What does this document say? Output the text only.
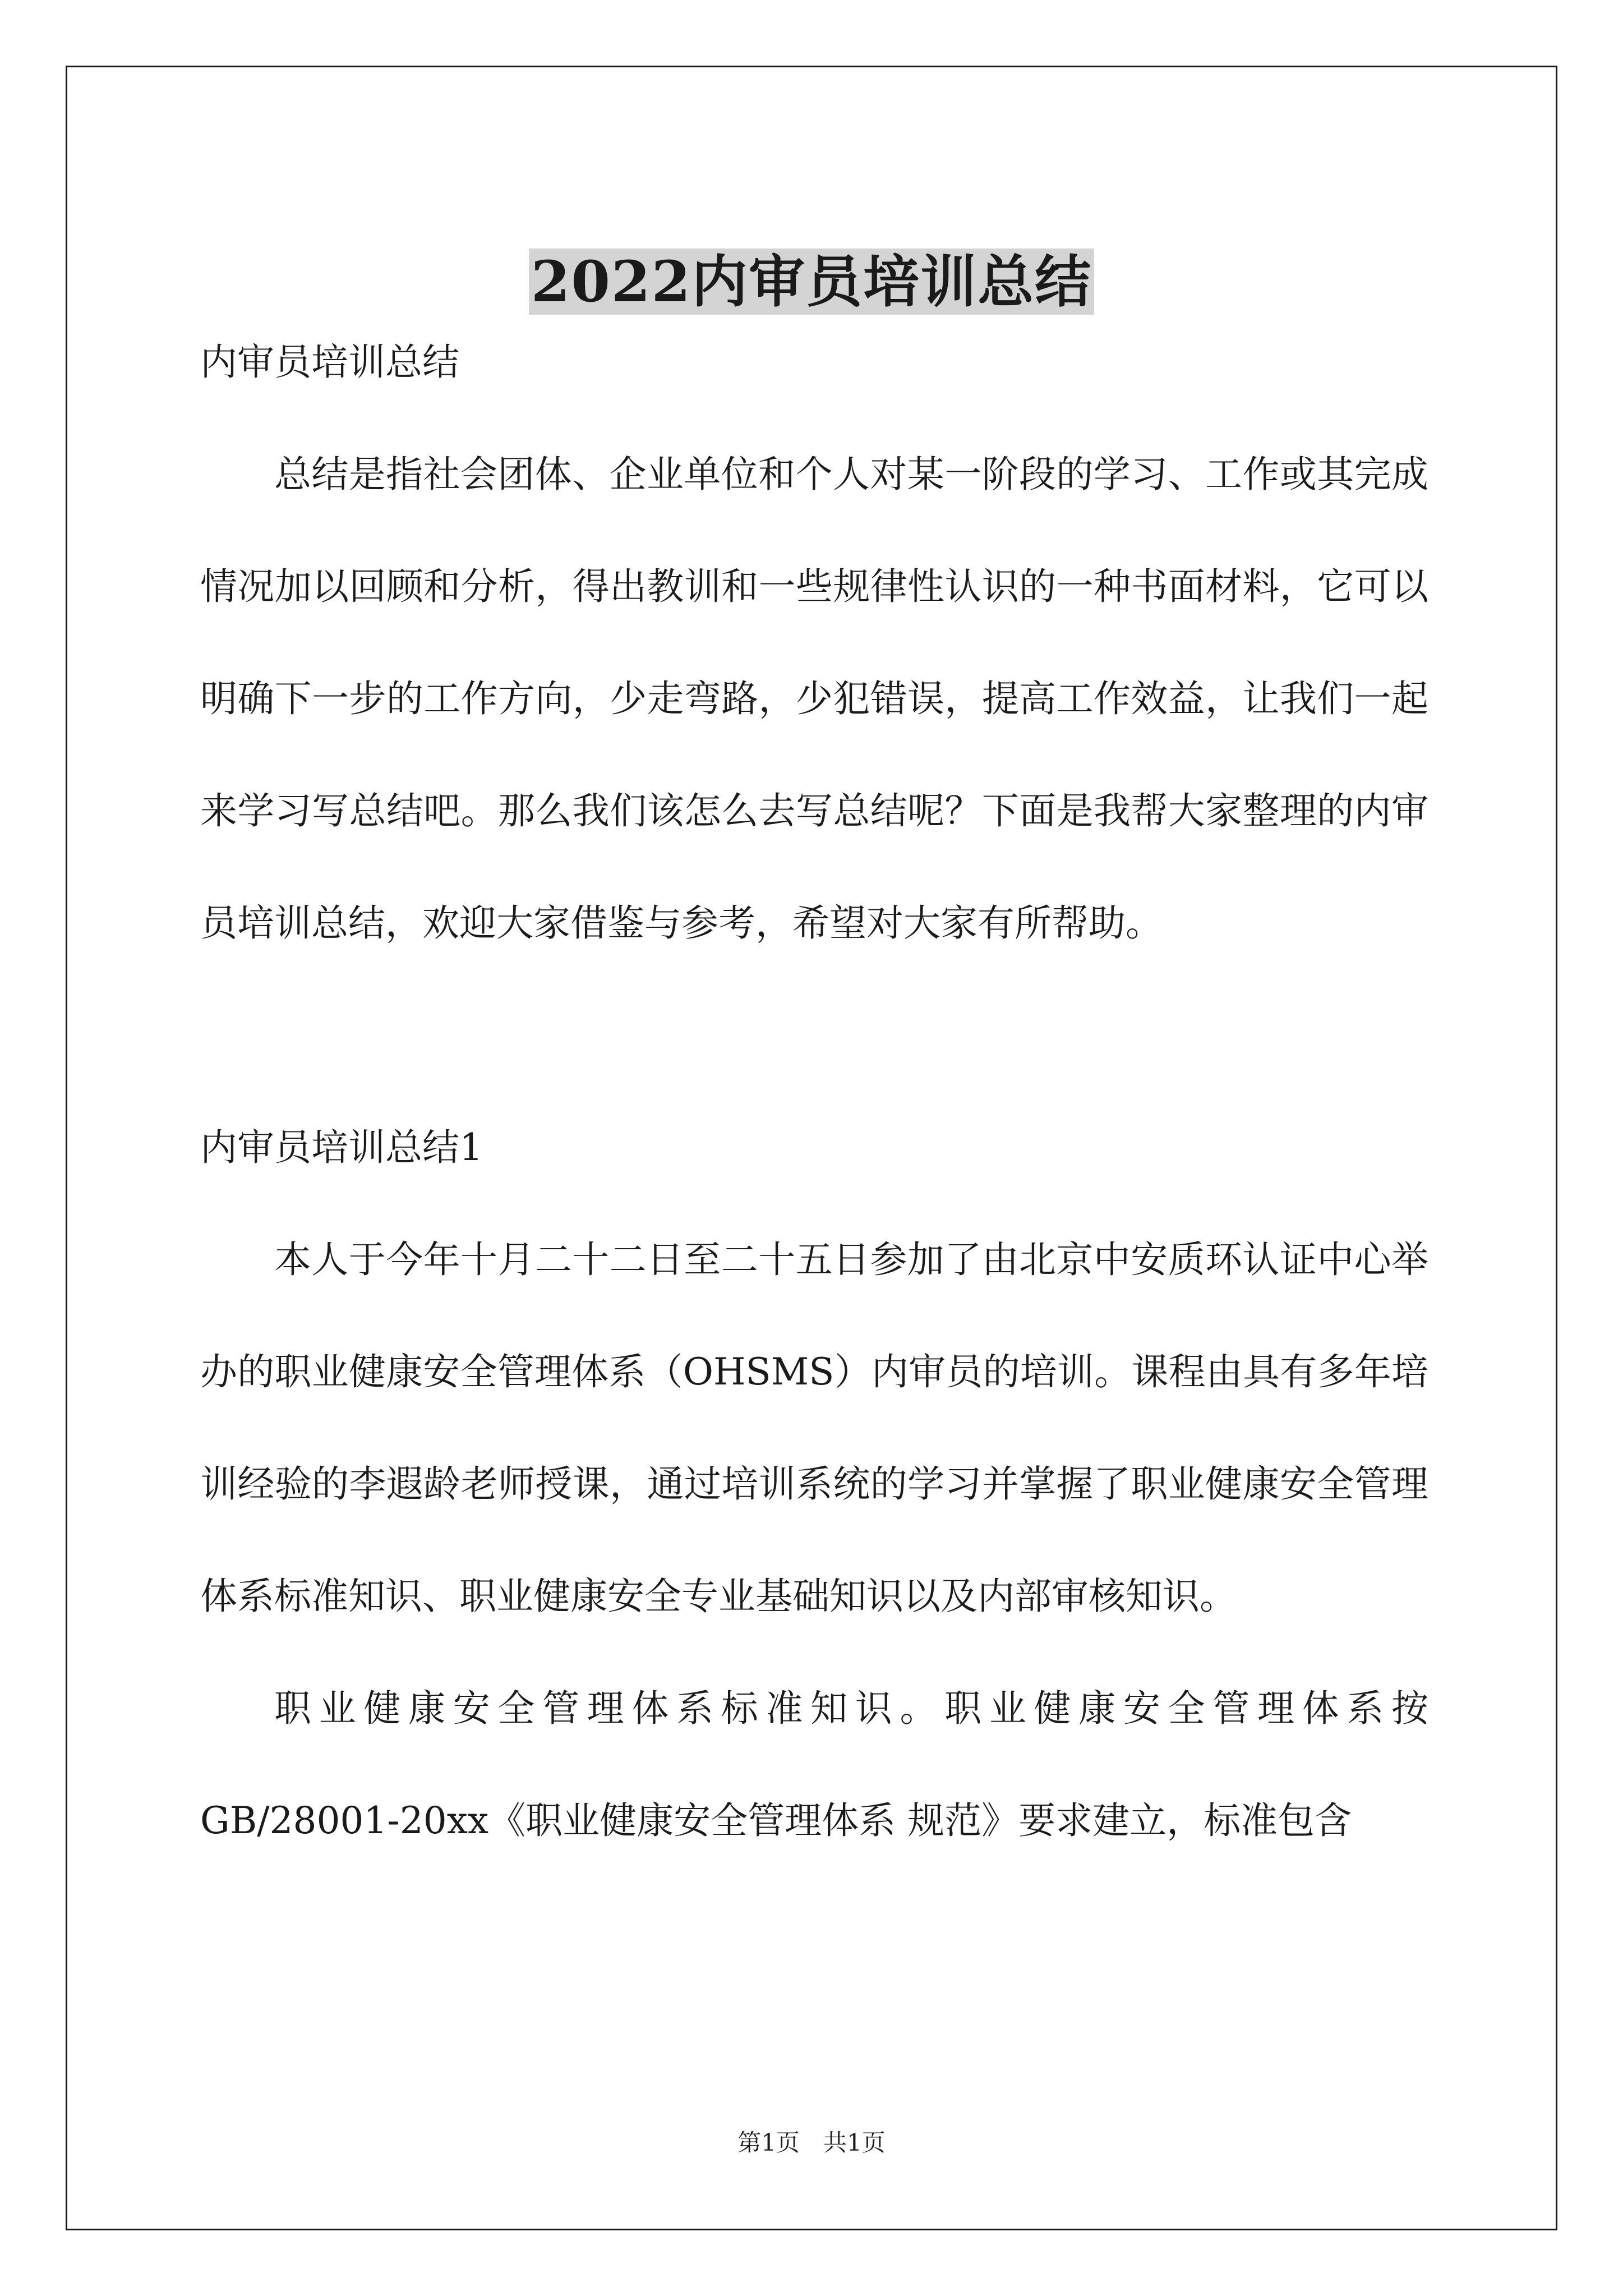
2022内审员培训总结

内审员培训总结

总结是指社会团体、企业单位和个人对某一阶段的学习、工作或其完成情况加以回顾和分析，得出教训和一些规律性认识的一种书面材料，它可以明确下一步的工作方向，少走弯路，少犯错误，提高工作效益，让我们一起来学习写总结吧。那么我们该怎么去写总结呢？下面是我帮大家整理的内审员培训总结，欢迎大家借鉴与参考，希望对大家有所帮助。

内审员培训总结1

本人于今年十月二十二日至二十五日参加了由北京中安质环认证中心举办的职业健康安全管理体系（OHSMS）内审员的培训。课程由具有多年培训经验的李遐龄老师授课，通过培训系统的学习并掌握了职业健康安全管理体系标准知识、职业健康安全专业基础知识以及内部审核知识。

职业健康安全管理体系标准知识。职业健康安全管理体系按GB/28001-20xx《职业健康安全管理体系 规范》要求建立，标准包含

第1页　共1页
